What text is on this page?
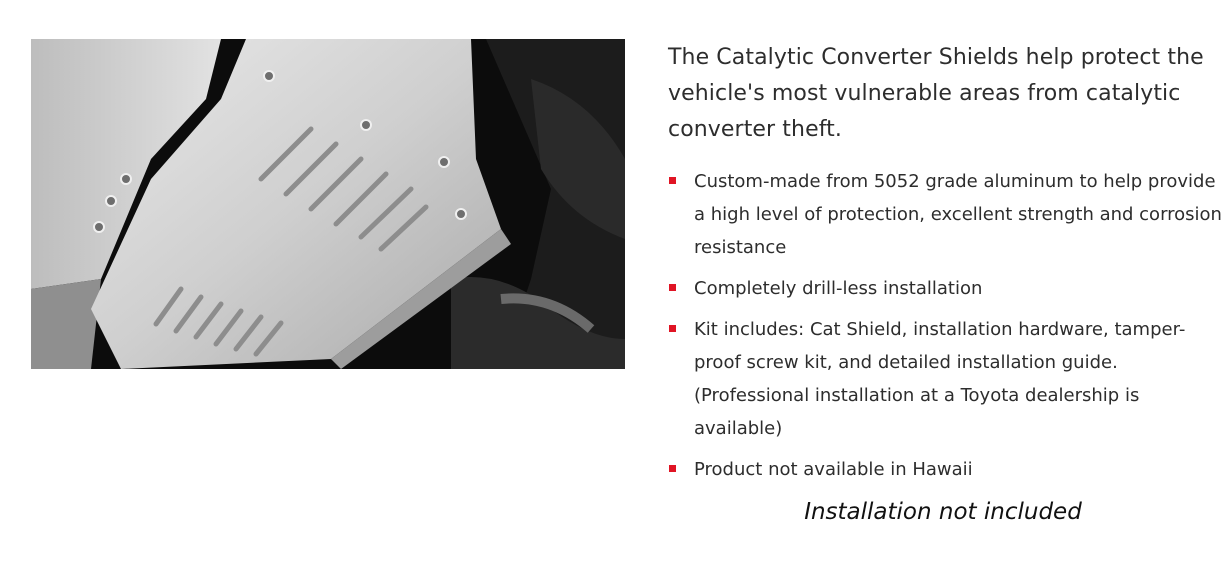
The Catalytic Converter Shields help protect the vehicle's most vulnerable areas from catalytic converter theft.

Custom-made from 5052 grade aluminum to help provide a high level of protection, excellent strength and corrosion resistance
Completely drill-less installation
Kit includes: Cat Shield, installation hardware, tamper-proof screw kit, and detailed installation guide. (Professional installation at a Toyota dealership is available)
Product not available in Hawaii
Installation not included
